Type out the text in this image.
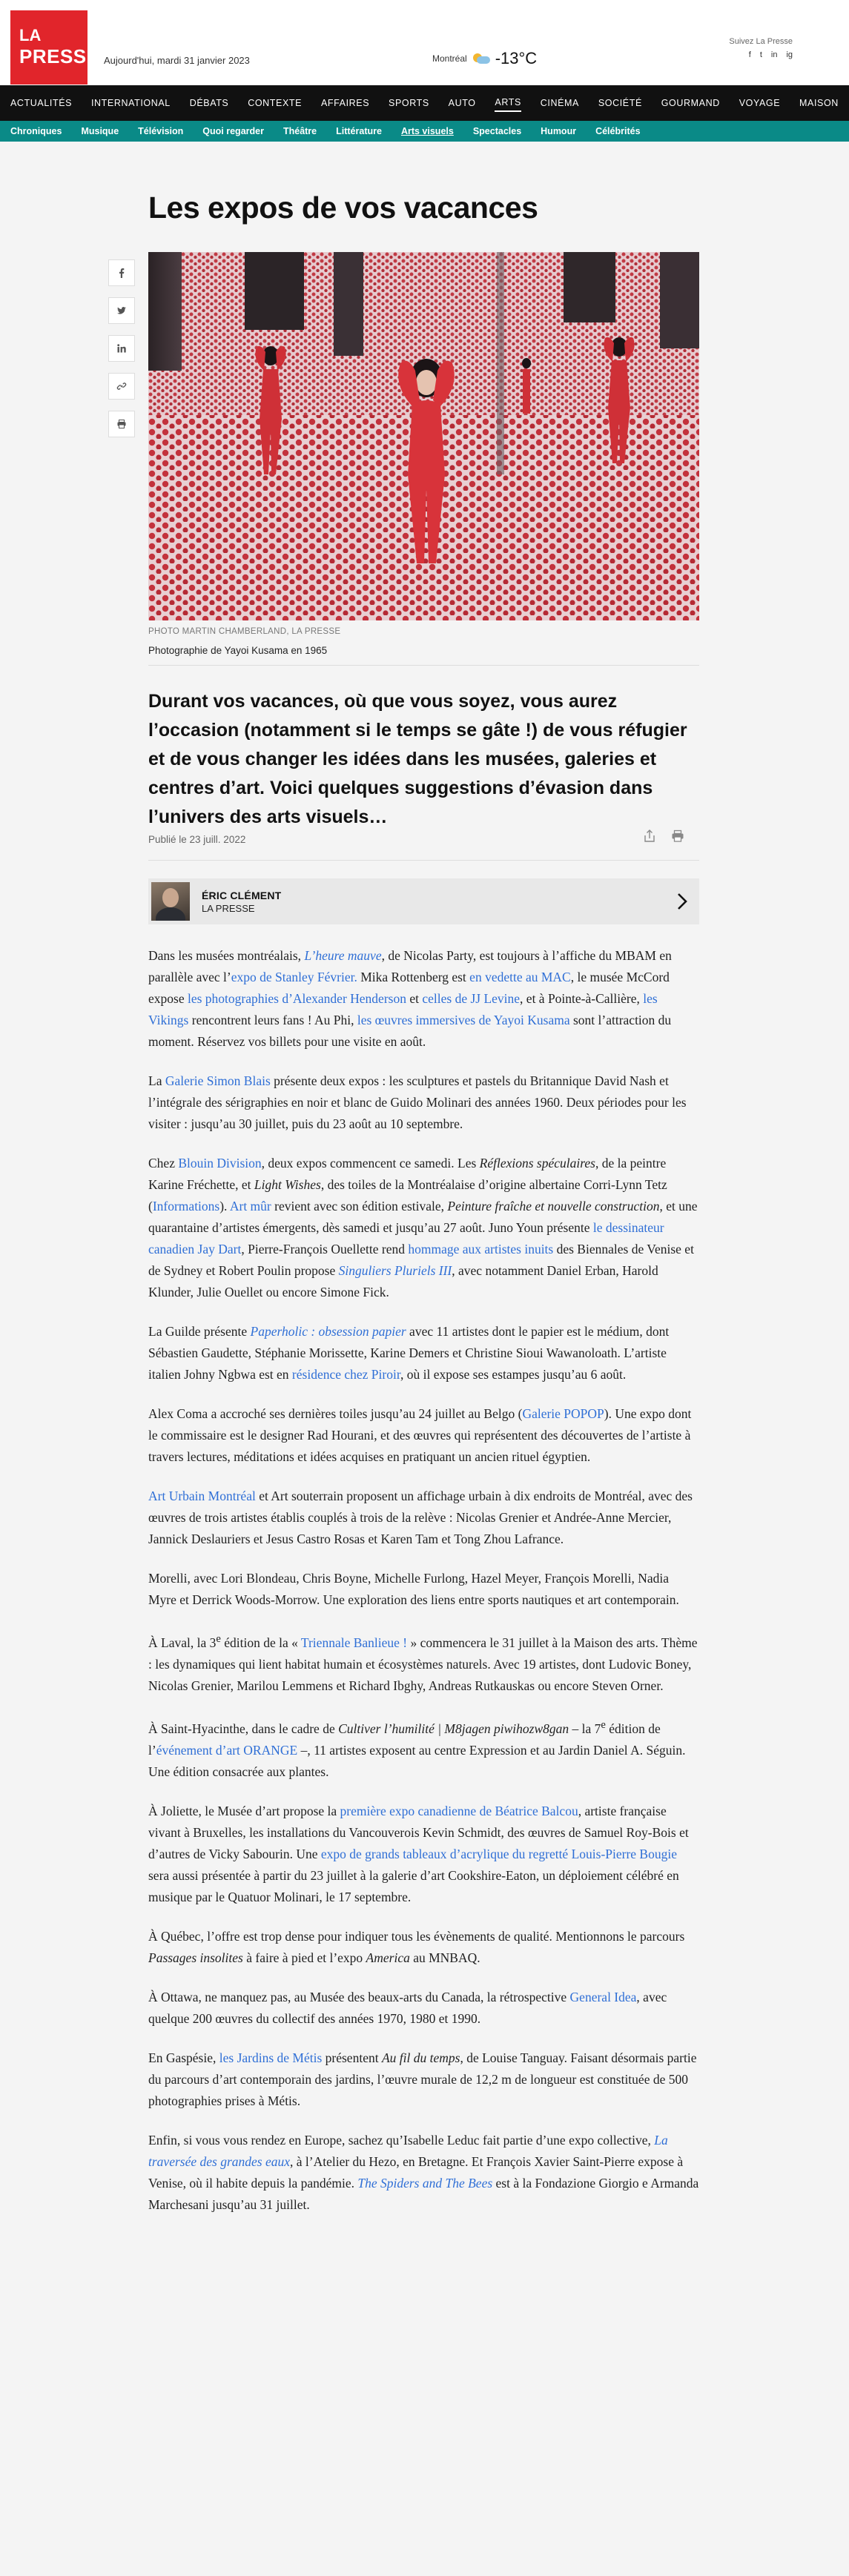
LA
PRESSE Aujourd'hui, mardi 31 janvier 2023	Montréal -13°C
Suivez La Presse
f t in ig
ACTUALITÉS INTERNATIONAL DÉBATS CONTEXTE AFFAIRES SPORTS AUTO ARTS CINÉMA SOCIÉTÉ GOURMAND VOYAGE MAISON
Chroniques Musique Télévision Quoi regarder Théâtre Littérature Arts visuels Spectacles Humour Célébrités
Les expos de vos vacances
PHOTO MARTIN CHAMBERLAND, LA PRESSE
Photographie de Yayoi Kusama en 1965

Durant vos vacances, où que vous soyez, vous aurez l’occasion (notamment si le temps se gâte !) de vous réfugier et de vous changer les idées dans les musées, galeries et centres d’art. Voici quelques suggestions d’évasion dans l’univers des arts visuels…

Publié le 23 juill. 2022
ÉRIC CLÉMENT
LA PRESSE

Dans les musées montréalais, L’heure mauve, de Nicolas Party, est toujours à l’affiche du MBAM en parallèle avec l’expo de Stanley Février. Mika Rottenberg est en vedette au MAC, le musée McCord expose les photographies d’Alexander Henderson et celles de JJ Levine, et à Pointe-à-Callière, les Vikings rencontrent leurs fans ! Au Phi, les œuvres immersives de Yayoi Kusama sont l’attraction du moment. Réservez vos billets pour une visite en août.

La Galerie Simon Blais présente deux expos : les sculptures et pastels du Britannique David Nash et l’intégrale des sérigraphies en noir et blanc de Guido Molinari des années 1960. Deux périodes pour les visiter : jusqu’au 30 juillet, puis du 23 août au 10 septembre.

Chez Blouin Division, deux expos commencent ce samedi. Les Réflexions spéculaires, de la peintre Karine Fréchette, et Light Wishes, des toiles de la Montréalaise d’origine albertaine Corri-Lynn Tetz (Informations). Art mûr revient avec son édition estivale, Peinture fraîche et nouvelle construction, et une quarantaine d’artistes émergents, dès samedi et jusqu’au 27 août. Juno Youn présente le dessinateur canadien Jay Dart, Pierre-François Ouellette rend hommage aux artistes inuits des Biennales de Venise et de Sydney et Robert Poulin propose Singuliers Pluriels III, avec notamment Daniel Erban, Harold Klunder, Julie Ouellet ou encore Simone Fick.

La Guilde présente Paperholic : obsession papier avec 11 artistes dont le papier est le médium, dont Sébastien Gaudette, Stéphanie Morissette, Karine Demers et Christine Sioui Wawanoloath. L’artiste italien Johny Ngbwa est en résidence chez Piroir, où il expose ses estampes jusqu’au 6 août.

Alex Coma a accroché ses dernières toiles jusqu’au 24 juillet au Belgo (Galerie POPOP). Une expo dont le commissaire est le designer Rad Hourani, et des œuvres qui représentent des découvertes de l’artiste à travers lectures, méditations et idées acquises en pratiquant un ancien rituel égyptien.

Art Urbain Montréal et Art souterrain proposent un affichage urbain à dix endroits de Montréal, avec des œuvres de trois artistes établis couplés à trois de la relève : Nicolas Grenier et Andrée-Anne Mercier, Jannick Deslauriers et Jesus Castro Rosas et Karen Tam et Tong Zhou Lafrance.

Morelli, avec Lori Blondeau, Chris Boyne, Michelle Furlong, Hazel Meyer, François Morelli, Nadia Myre et Derrick Woods-Morrow. Une exploration des liens entre sports nautiques et art contemporain.

À Laval, la 3e édition de la « Triennale Banlieue ! » commencera le 31 juillet à la Maison des arts. Thème : les dynamiques qui lient habitat humain et écosystèmes naturels. Avec 19 artistes, dont Ludovic Boney, Nicolas Grenier, Marilou Lemmens et Richard Ibghy, Andreas Rutkauskas ou encore Steven Orner.

À Saint-Hyacinthe, dans le cadre de Cultiver l’humilité | M8jagen piwihozw8gan – la 7e édition de l’événement d’art ORANGE –, 11 artistes exposent au centre Expression et au Jardin Daniel A. Séguin. Une édition consacrée aux plantes.

À Joliette, le Musée d’art propose la première expo canadienne de Béatrice Balcou, artiste française vivant à Bruxelles, les installations du Vancouverois Kevin Schmidt, des œuvres de Samuel Roy-Bois et d’autres de Vicky Sabourin. Une expo de grands tableaux d’acrylique du regretté Louis-Pierre Bougie sera aussi présentée à partir du 23 juillet à la galerie d’art Cookshire-Eaton, un déploiement célébré en musique par le Quatuor Molinari, le 17 septembre.

À Québec, l’offre est trop dense pour indiquer tous les évènements de qualité. Mentionnons le parcours Passages insolites à faire à pied et l’expo America au MNBAQ.

À Ottawa, ne manquez pas, au Musée des beaux-arts du Canada, la rétrospective General Idea, avec quelque 200 œuvres du collectif des années 1970, 1980 et 1990.

En Gaspésie, les Jardins de Métis présentent Au fil du temps, de Louise Tanguay. Faisant désormais partie du parcours d’art contemporain des jardins, l’œuvre murale de 12,2 m de longueur est constituée de 500 photographies prises à Métis.

Enfin, si vous vous rendez en Europe, sachez qu’Isabelle Leduc fait partie d’une expo collective, La traversée des grandes eaux, à l’Atelier du Hezo, en Bretagne. Et François Xavier Saint-Pierre expose à Venise, où il habite depuis la pandémie. The Spiders and The Bees est à la Fondazione Giorgio e Armanda Marchesani jusqu’au 31 juillet.
